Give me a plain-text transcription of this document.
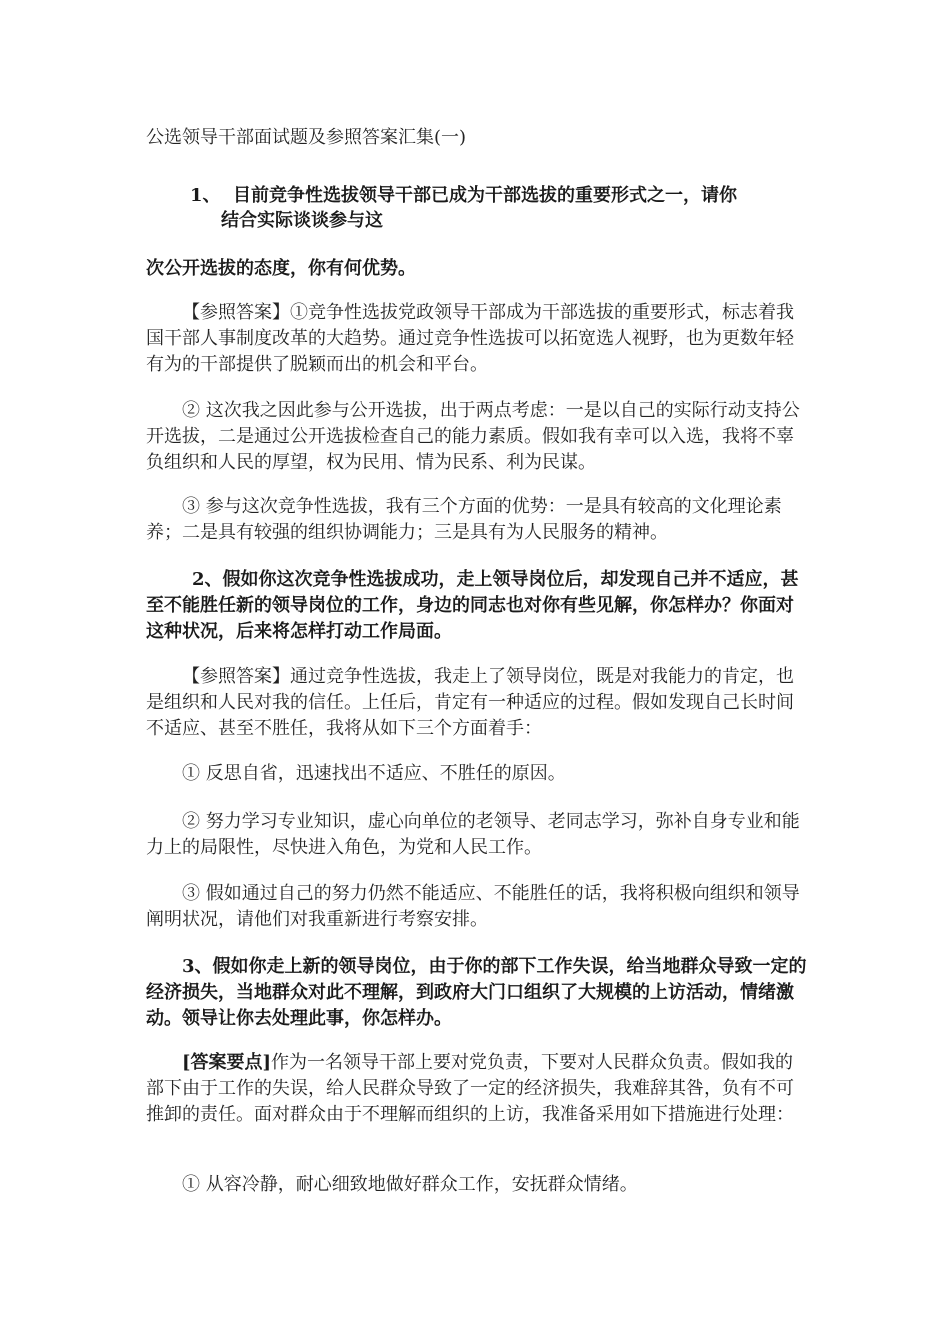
公选领导干部面试题及参照答案汇集(一)
1、 目前竞争性选拔领导干部已成为干部选拔的重要形式之一，请你
结合实际谈谈参与这
次公开选拔的态度，你有何优势。
【参照答案】①竞争性选拔党政领导干部成为干部选拔的重要形式，标志着我国干部人事制度改革的大趋势。通过竞争性选拔可以拓宽选人视野，也为更数年轻有为的干部提供了脱颖而出的机会和平台。
② 这次我之因此参与公开选拔，出于两点考虑：一是以自己的实际行动支持公开选拔，二是通过公开选拔检查自己的能力素质。假如我有幸可以入选，我将不辜负组织和人民的厚望，权为民用、情为民系、利为民谋。
③ 参与这次竞争性选拔，我有三个方面的优势：一是具有较高的文化理论素养；二是具有较强的组织协调能力；三是具有为人民服务的精神。
2、假如你这次竞争性选拔成功，走上领导岗位后，却发现自己并不适应，甚至不能胜任新的领导岗位的工作，身边的同志也对你有些见解，你怎样办？你面对这种状况，后来将怎样打动工作局面。
【参照答案】通过竞争性选拔，我走上了领导岗位，既是对我能力的肯定，也是组织和人民对我的信任。上任后，肯定有一种适应的过程。假如发现自己长时间不适应、甚至不胜任，我将从如下三个方面着手：
① 反思自省，迅速找出不适应、不胜任的原因。
② 努力学习专业知识，虚心向单位的老领导、老同志学习，弥补自身专业和能力上的局限性，尽快进入角色，为党和人民工作。
③ 假如通过自己的努力仍然不能适应、不能胜任的话，我将积极向组织和领导阐明状况，请他们对我重新进行考察安排。
3、假如你走上新的领导岗位，由于你的部下工作失误，给当地群众导致一定的经济损失，当地群众对此不理解，到政府大门口组织了大规模的上访活动，情绪激动。领导让你去处理此事，你怎样办。
[答案要点]作为一名领导干部上要对党负责，下要对人民群众负责。假如我的部下由于工作的失误，给人民群众导致了一定的经济损失，我难辞其咎，负有不可推卸的责任。面对群众由于不理解而组织的上访，我准备采用如下措施进行处理：
① 从容冷静，耐心细致地做好群众工作，安抚群众情绪。
